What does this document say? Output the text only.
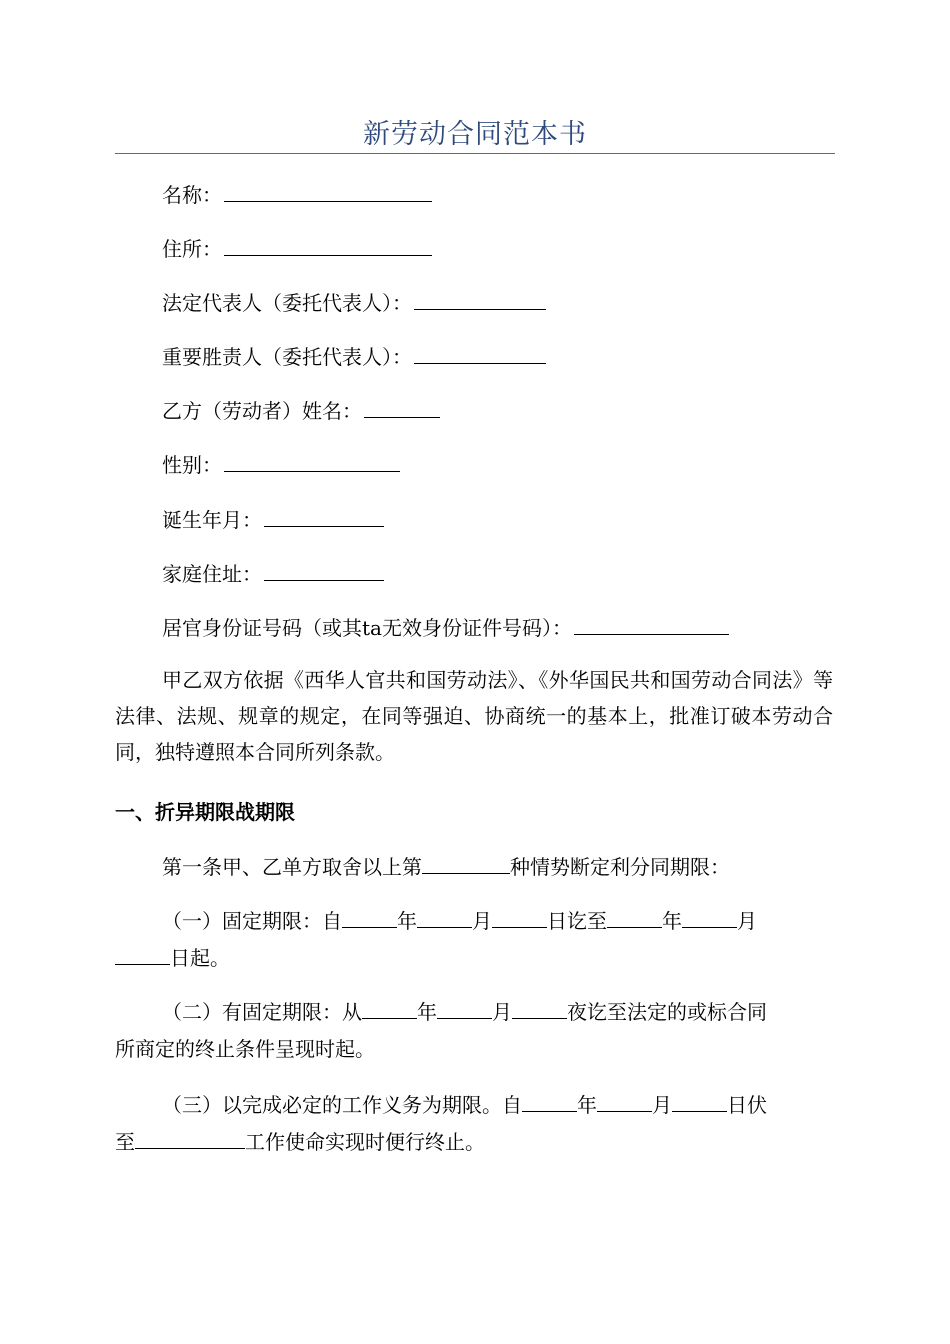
新劳动合同范本书
名称：
住所：
法定代表人（委托代表人）：
重要胜责人（委托代表人）：
乙方（劳动者）姓名：
性别：
诞生年月：
家庭住址：
居官身份证号码（或其ta无效身份证件号码）：
甲乙双方依据《西华人官共和国劳动法》、《外华国民共和国劳动合同法》等法律、法规、规章的规定，在同等强迫、协商统一的基本上，批准订破本劳动合同，独特遵照本合同所列条款。
一、折异期限战期限
第一条甲、乙单方取舍以上第	种情势断定利分同期限：
（一）固定期限：自	年	月	日讫至	年	月
日起。
（二）有固定期限：从	年	月	夜讫至法定的或标合同
所商定的终止条件呈现时起。
（三）以完成必定的工作义务为期限。自	年	月	日伏
至	工作使命实现时便行终止。
